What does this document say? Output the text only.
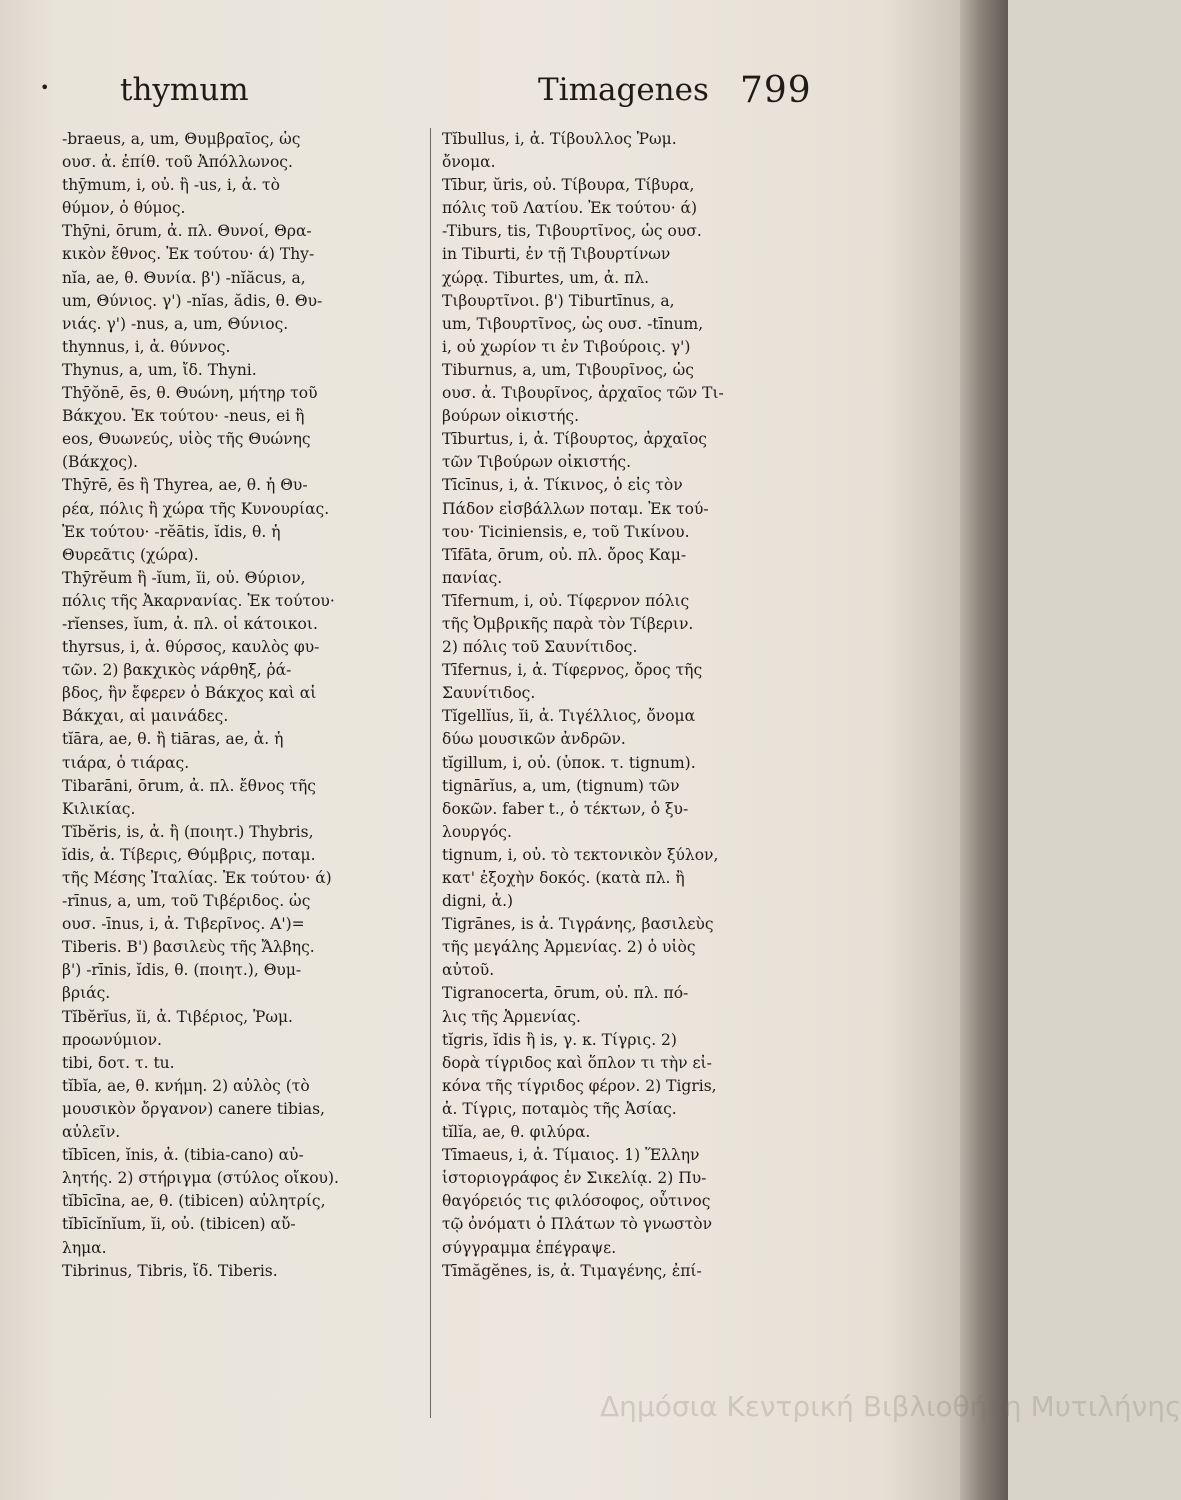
• thymum	Timagenes 799
-braeus, a, um, Θυμβραῖος, ὡς
ουσ. ἀ. ἐπίθ. τοῦ Ἀπόλλωνος.
thȳmum, i, οὐ. ἢ -us, i, ἀ. τὸ
θύμον, ὁ θύμος.
Thȳni, ōrum, ἀ. πλ. Θυνοί, Θρα-
κικὸν ἔθνος. Ἐκ τούτου· ά) Thy-
nĭa, ae, θ. Θυνία. β') -nĭăcus, a,
um, Θύνιος. γ') -nĭas, ădis, θ. Θυ-
νιάς. γ') -nus, a, um, Θύνιος.
thynnus, i, ἀ. θύννος.
Thynus, a, um, ἴδ. Thyni.
Thȳŏnē, ēs, θ. Θυώνη, μήτηρ τοῦ
Βάκχου. Ἐκ τούτου· -neus, ei ἢ
eos, Θυωνεύς, υἱὸς τῆς Θυώνης
(Βάκχος).
Thȳrē, ēs ἢ Thyrea, ae, θ. ἡ Θυ-
ρέα, πόλις ἢ χώρα τῆς Κυνουρίας.
Ἐκ τούτου· -rĕātis, ĭdis, θ. ἡ
Θυρεᾶτις (χώρα).
Thȳrĕum ἢ -ĭum, ĭi, οὐ. Θύριον,
πόλις τῆς Ἀκαρνανίας. Ἐκ τούτου·
-rĭenses, ĭum, ἀ. πλ. οἱ κάτοικοι.
thyrsus, i, ἀ. θύρσος, καυλὸς φυ-
τῶν. 2) βακχικὸς νάρθηξ, ῥά-
βδος, ἣν ἔφερεν ὁ Βάκχος καὶ αἱ
Βάκχαι, αἱ μαινάδες.
tĭāra, ae, θ. ἢ tiāras, ae, ἀ. ἡ
τιάρα, ὁ τιάρας.
Tibarāni, ōrum, ἀ. πλ. ἔθνος τῆς
Κιλικίας.
Tĭbĕris, is, ἀ. ἢ (ποιητ.) Thybris,
ĭdis, ἀ. Τίβερις, Θύμβρις, ποταμ.
τῆς Μέσης Ἰταλίας. Ἐκ τούτου· ά)
-rīnus, a, um, τοῦ Τιβέριδος. ὡς
ουσ. -īnus, i, ἀ. Τιβερῖνος. Α')=
Tiberis. Β') βασιλεὺς τῆς Ἄλβης.
β') -rīnis, ĭdis, θ. (ποιητ.), Θυμ-
βριάς.
Tĭbĕrĭus, ĭi, ἀ. Τιβέριος, Ῥωμ.
προωνύμιον.
tibi, δοτ. τ. tu.
tĭbĭa, ae, θ. κνήμη. 2) αὐλὸς (τὸ
μουσικὸν ὄργανον) canere tibias,
αὐλεῖν.
tĭbīcen, ĭnis, ἀ. (tibia-cano) αὐ-
λητής. 2) στήριγμα (στύλος οἴκου).
tĭbīcīna, ae, θ. (tibicen) αὐλητρίς,
tĭbīcĭnĭum, ĭi, οὐ. (tibicen) αὔ-
λημα.
Tibrinus, Tibris, ἴδ. Tiberis.
Tĭbullus, i, ἀ. Τίβουλλος Ῥωμ.
ὄνομα.
Tībur, ŭris, οὐ. Τίβουρα, Τίβυρα,
πόλις τοῦ Λατίου. Ἐκ τούτου· ά)
-Tiburs, tis, Τιβουρτῖνος, ὡς ουσ.
in Tiburti, ἐν τῇ Τιβουρτίνων
χώρᾳ. Tiburtes, um, ἀ. πλ.
Τιβουρτῖνοι. β') Tiburtīnus, a,
um, Τιβουρτῖνος, ὡς ουσ. -tīnum,
i, οὐ χωρίον τι ἐν Τιβούροις. γ')
Tiburnus, a, um, Τιβουρῖνος, ὡς
ουσ. ἀ. Τιβουρῖνος, ἀρχαῖος τῶν Τι-
βούρων οἰκιστής.
Tīburtus, i, ἀ. Τίβουρτος, ἀρχαῖος
τῶν Τιβούρων οἰκιστής.
Tīcīnus, i, ἀ. Τίκινος, ὁ εἰς τὸν
Πάδον εἰσβάλλων ποταμ. Ἐκ τού-
του· Ticiniensis, e, τοῦ Τικίνου.
Tīfāta, ōrum, οὐ. πλ. ὄρος Καμ-
πανίας.
Tīfernum, i, οὐ. Τίφερνον πόλις
τῆς Ὀμβρικῆς παρὰ τὸν Τίβεριν.
2) πόλις τοῦ Σαυνίτιδος.
Tīfernus, i, ἀ. Τίφερνος, ὄρος τῆς
Σαυνίτιδος.
Tĭgellĭus, ĭi, ἀ. Τιγέλλιος, ὄνομα
δύω μουσικῶν ἀνδρῶν.
tĭgillum, i, οὐ. (ὑποκ. τ. tignum).
tignārĭus, a, um, (tignum) τῶν
δοκῶν. faber t., ὁ τέκτων, ὁ ξυ-
λουργός.
tignum, i, οὐ. τὸ τεκτονικὸν ξύλον,
κατ' ἐξοχὴν δοκός. (κατὰ πλ. ἢ
digni, ἀ.)
Tigrānes, is ἀ. Τιγράνης, βασιλεὺς
τῆς μεγάλης Ἀρμενίας. 2) ὁ υἱὸς
αὐτοῦ.
Tigranocerta, ōrum, οὐ. πλ. πό-
λις τῆς Ἀρμενίας.
tĭgris, ĭdis ἢ is, γ. κ. Τίγρις. 2)
δορὰ τίγριδος καὶ ὅπλον τι τὴν εἰ-
κόνα τῆς τίγριδος φέρον. 2) Tigris,
ἀ. Τίγρις, ποταμὸς τῆς Ἀσίας.
tĭlĭa, ae, θ. φιλύρα.
Tīmaeus, i, ἀ. Τίμαιος. 1) Ἕλλην
ἱστοριογράφος ἐν Σικελίᾳ. 2) Πυ-
θαγόρειός τις φιλόσοφος, οὗτινος
τῷ ὀνόματι ὁ Πλάτων τὸ γνωστὸν
σύγγραμμα ἐπέγραψε.
Tīmăgĕnes, is, ἀ. Τιμαγένης, ἐπί-
Δημόσια Κεντρική Βιβλιοθήκη Μυτιλήνης
